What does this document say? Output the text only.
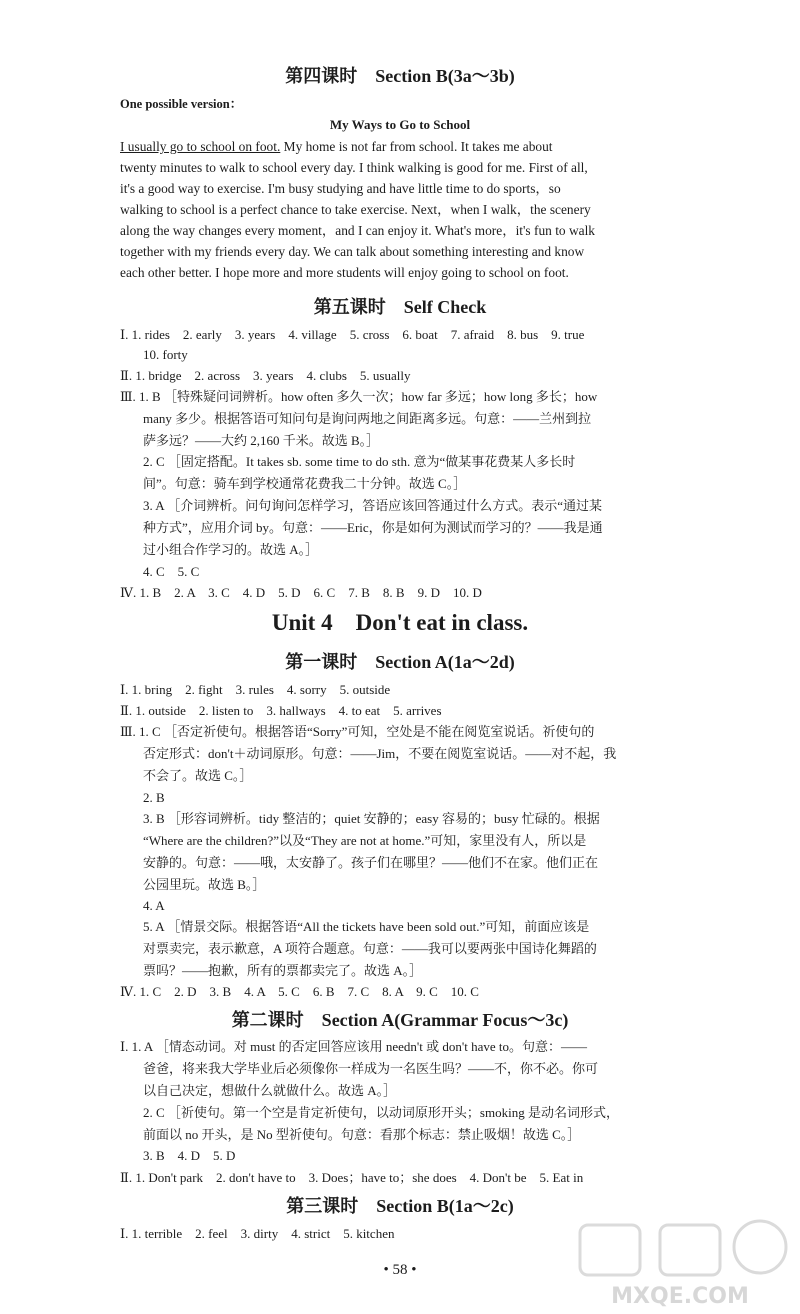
第四课时　Section B(3a～3b)
One possible version：
My Ways to Go to School
I usually go to school on foot. My home is not far from school. It takes me about
twenty minutes to walk to school every day. I think walking is good for me. First of all,
it's a good way to exercise. I'm busy studying and have little time to do sports，so
walking to school is a perfect chance to take exercise. Next，when I walk，the scenery
along the way changes every moment，and I can enjoy it. What's more，it's fun to walk
together with my friends every day. We can talk about something interesting and know
each other better. I hope more and more students will enjoy going to school on foot.
第五课时　Self Check
Ⅰ. 1. rides　2. early　3. years　4. village　5. cross　6. boat　7. afraid　8. bus　9. true
10. forty
Ⅱ. 1. bridge　2. across　3. years　4. clubs　5. usually
Ⅲ. 1. B ［特殊疑问词辨析。how often 多久一次；how far 多远；how long 多长；how
many 多少。根据答语可知问句是询问两地之间距离多远。句意：——兰州到拉
萨多远？——大约 2,160 千米。故选 B。］
2. C ［固定搭配。It takes sb. some time to do sth. 意为“做某事花费某人多长时
间”。句意：骑车到学校通常花费我二十分钟。故选 C。］
3. A ［介词辨析。问句询问怎样学习，答语应该回答通过什么方式。表示“通过某
种方式”，应用介词 by。句意：——Eric，你是如何为测试而学习的？——我是通
过小组合作学习的。故选 A。］
4. C　5. C
Ⅳ. 1. B　2. A　3. C　4. D　5. D　6. C　7. B　8. B　9. D　10. D
Unit 4　Don't eat in class.
第一课时　Section A(1a～2d)
Ⅰ. 1. bring　2. fight　3. rules　4. sorry　5. outside
Ⅱ. 1. outside　2. listen to　3. hallways　4. to eat　5. arrives
Ⅲ. 1. C ［否定祈使句。根据答语“Sorry”可知，空处是不能在阅览室说话。祈使句的
否定形式：don't＋动词原形。句意：——Jim，不要在阅览室说话。——对不起，我
不会了。故选 C。］
2. B
3. B ［形容词辨析。tidy 整洁的；quiet 安静的；easy 容易的；busy 忙碌的。根据
“Where are the children?”以及“They are not at home.”可知，家里没有人，所以是
安静的。句意：——哦，太安静了。孩子们在哪里？——他们不在家。他们正在
公园里玩。故选 B。］
4. A
5. A ［情景交际。根据答语“All the tickets have been sold out.”可知，前面应该是
对票卖完，表示歉意，A 项符合题意。句意：——我可以要两张中国诗化舞蹈的
票吗？——抱歉，所有的票都卖完了。故选 A。］
Ⅳ. 1. C　2. D　3. B　4. A　5. C　6. B　7. C　8. A　9. C　10. C
第二课时　Section A(Grammar Focus～3c)
Ⅰ. 1. A ［情态动词。对 must 的否定回答应该用 needn't 或 don't have to。句意：——
爸爸，将来我大学毕业后必须像你一样成为一名医生吗？——不，你不必。你可
以自己决定，想做什么就做什么。故选 A。］
2. C ［祈使句。第一个空是肯定祈使句，以动词原形开头；smoking 是动名词形式，
前面以 no 开头，是 No 型祈使句。句意：看那个标志：禁止吸烟！故选 C。］
3. B　4. D　5. D
Ⅱ. 1. Don't park　2. don't have to　3. Does；have to；she does　4. Don't be　5. Eat in
第三课时　Section B(1a～2c)
Ⅰ. 1. terrible　2. feel　3. dirty　4. strict　5. kitchen
• 58 •
MXQE.COM
